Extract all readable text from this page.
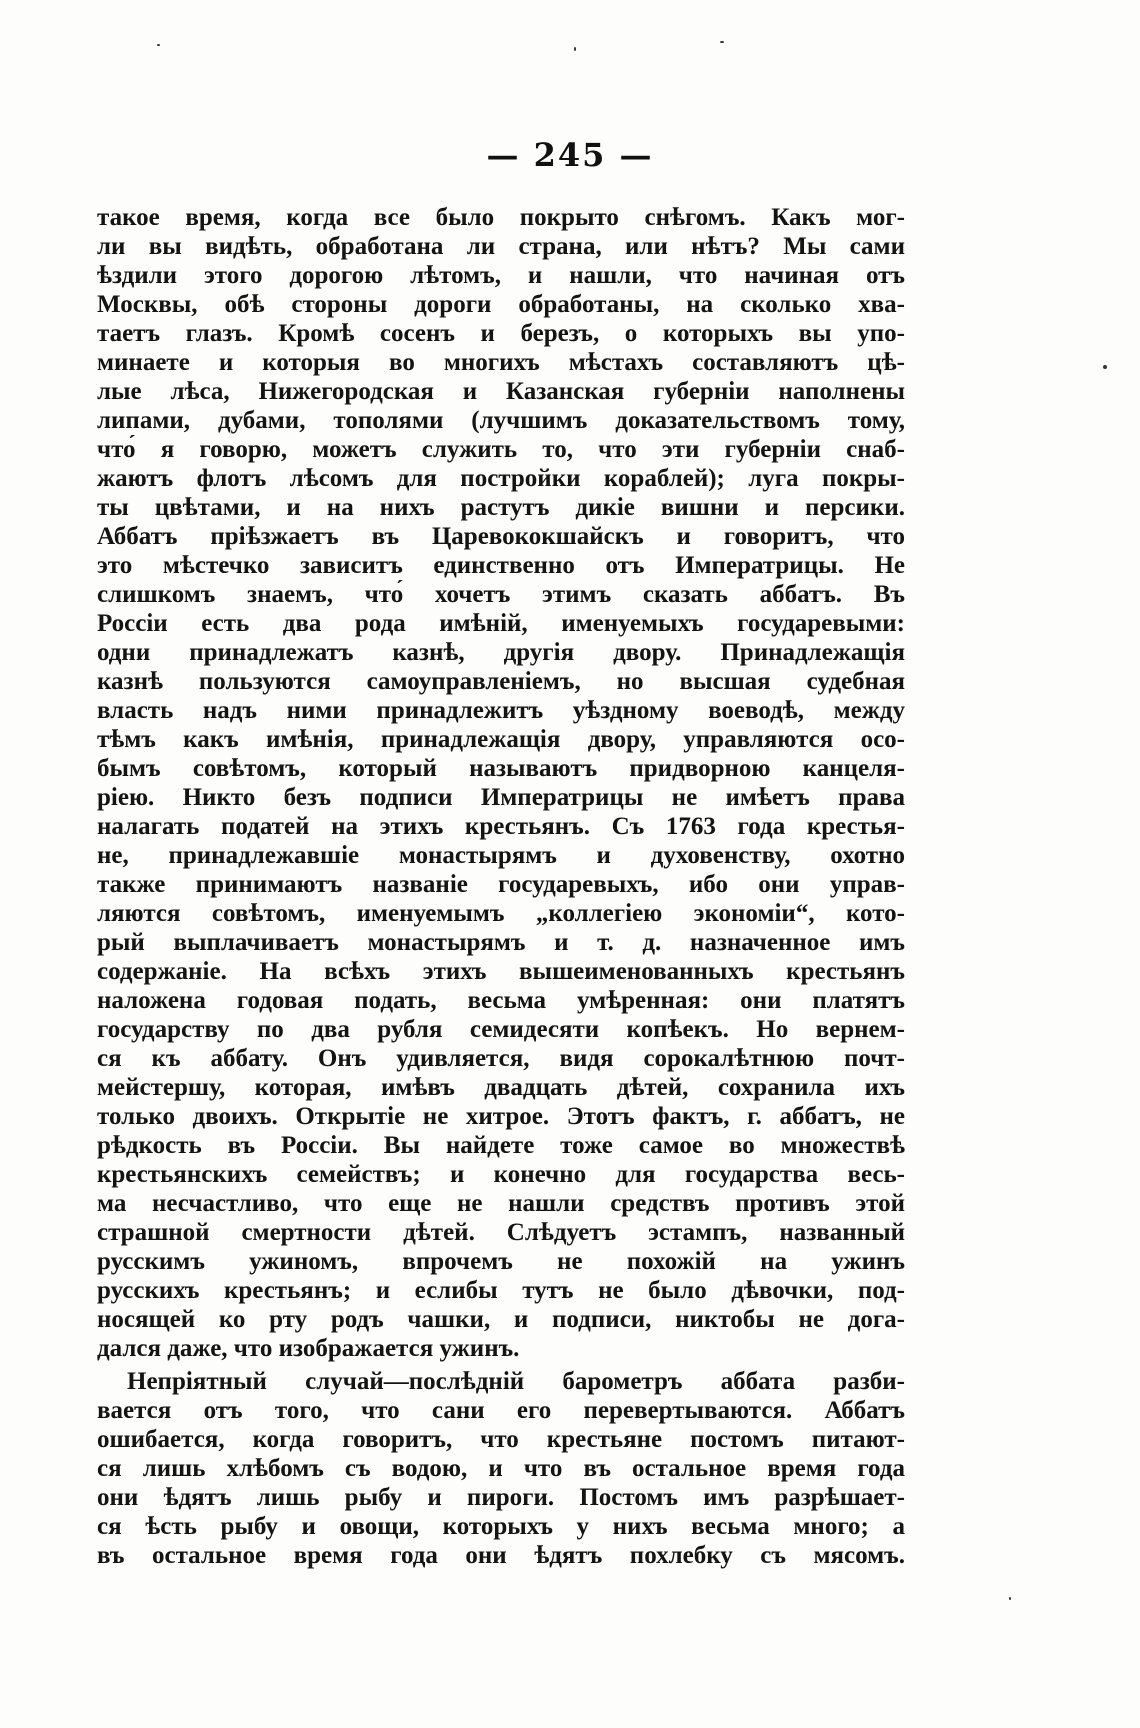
— 245 —
такое время, когда все было покрыто снѣгомъ. Какъ мог-
ли вы видѣть, обработана ли страна, или нѣтъ? Мы сами
ѣздили этого дорогою лѣтомъ, и нашли, что начиная отъ
Москвы, обѣ стороны дороги обработаны, на сколько хва-
таетъ глазъ. Кромѣ сосенъ и березъ, о которыхъ вы упо-
минаете и которыя во многихъ мѣстахъ составляютъ цѣ-
лые лѣса, Нижегородская и Казанская губерніи наполнены
липами, дубами, тополями (лучшимъ доказательствомъ тому,
что́ я говорю, можетъ служить то, что эти губерніи снаб-
жаютъ флотъ лѣсомъ для постройки кораблей); луга покры-
ты цвѣтами, и на нихъ растутъ дикіе вишни и персики.
Аббатъ пріѣзжаетъ въ Царевококшайскъ и говоритъ, что
это мѣстечко зависитъ единственно отъ Императрицы. Не
слишкомъ знаемъ, что́ хочетъ этимъ сказать аббатъ. Въ
Россіи есть два рода имѣній, именуемыхъ государевыми:
одни принадлежатъ казнѣ, другія двору. Принадлежащія
казнѣ пользуются самоуправленіемъ, но высшая судебная
власть надъ ними принадлежитъ уѣздному воеводѣ, между
тѣмъ какъ имѣнія, принадлежащія двору, управляются осо-
бымъ совѣтомъ, который называютъ придворною канцеля-
ріею. Никто безъ подписи Императрицы не имѣетъ права
налагать податей на этихъ крестьянъ. Съ 1763 года крестья-
не, принадлежавшіе монастырямъ и духовенству, охотно
также принимаютъ названіе государевыхъ, ибо они управ-
ляются совѣтомъ, именуемымъ „коллегіею экономіи“, кото-
рый выплачиваетъ монастырямъ и т. д. назначенное имъ
содержаніе. На всѣхъ этихъ вышеименованныхъ крестьянъ
наложена годовая подать, весьма умѣренная: они платятъ
государству по два рубля семидесяти копѣекъ. Но вернем-
ся къ аббату. Онъ удивляется, видя сорокалѣтнюю почт-
мейстершу, которая, имѣвъ двадцать дѣтей, сохранила ихъ
только двоихъ. Открытіе не хитрое. Этотъ фактъ, г. аббатъ, не
рѣдкость въ Россіи. Вы найдете тоже самое во множествѣ
крестьянскихъ семействъ; и конечно для государства весь-
ма несчастливо, что еще не нашли средствъ противъ этой
страшной смертности дѣтей. Слѣдуетъ эстампъ, названный
русскимъ ужиномъ, впрочемъ не похожій на ужинъ
русскихъ крестьянъ; и еслибы тутъ не было дѣвочки, под-
носящей ко рту родъ чашки, и подписи, никтобы не дога-
дался даже, что изображается ужинъ.
Непріятный случай—послѣдній барометръ аббата разби-
вается отъ того, что сани его перевертываются. Аббатъ
ошибается, когда говоритъ, что крестьяне постомъ питают-
ся лишь хлѣбомъ съ водою, и что въ остальное время года
они ѣдятъ лишь рыбу и пироги. Постомъ имъ разрѣшает-
ся ѣсть рыбу и овощи, которыхъ у нихъ весьма много; а
въ остальное время года они ѣдятъ похлебку съ мясомъ.
